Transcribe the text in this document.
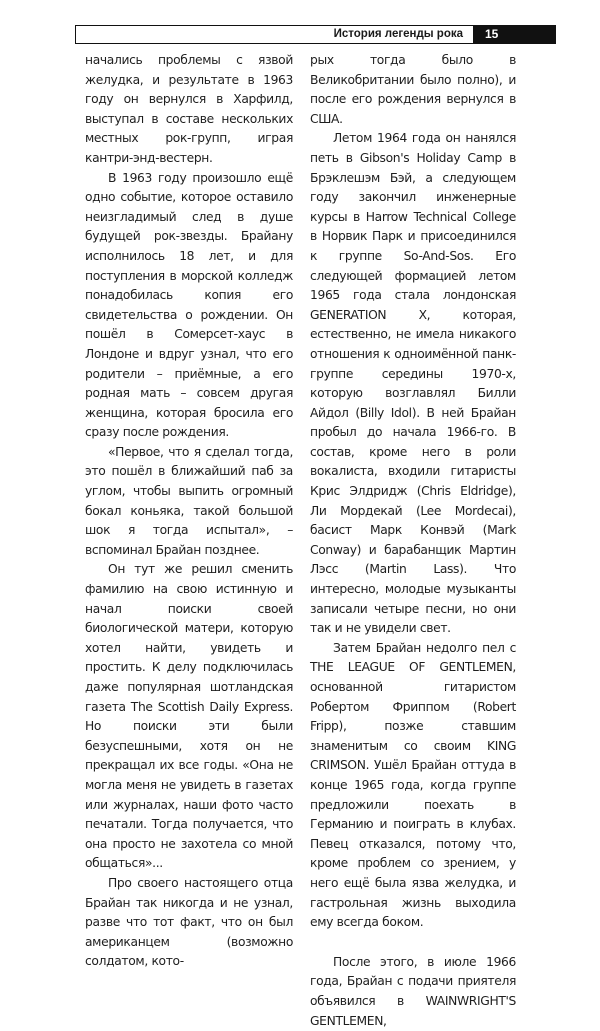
История легенды рока	15

начались проблемы с язвой желудка, и результате в 1963 году он вернулся в Харфилд, выступал в составе нескольких местных рок-групп, играя кантри-энд-вестерн.

В 1963 году произошло ещё одно событие, которое оставило неизгладимый след в душе будущей рок-звезды. Брайану исполнилось 18 лет, и для поступления в морской колледж понадобилась копия его свидетельства о рождении. Он пошёл в Сомерсет-хаус в Лондоне и вдруг узнал, что его родители – приёмные, а его родная мать – совсем другая женщина, которая бросила его сразу после рождения.

«Первое, что я сделал тогда, это пошёл в ближайший паб за углом, чтобы выпить огромный бокал коньяка, такой большой шок я тогда испытал», – вспоминал Брайан позднее.

Он тут же решил сменить фамилию на свою истинную и начал поиски своей биологической матери, которую хотел найти, увидеть и простить. К делу подключилась даже популярная шотландская газета The Scottish Daily Express. Но поиски эти были безуспешными, хотя он не прекращал их все годы. «Она не могла меня не увидеть в газетах или журналах, наши фото часто печатали. Тогда получается, что она просто не захотела со мной общаться»...

Про своего настоящего отца Брайан так никогда и не узнал, разве что тот факт, что он был американцем (возможно солдатом, кото-

рых тогда было в Великобритании было полно), и после его рождения вернулся в США.

Летом 1964 года он нанялся петь в Gibson's Holiday Camp в Брэклешэм Бэй, а следующем году закончил инженерные курсы в Harrow Technical College в Норвик Парк и присоединился к группе So-And-Sos. Его следующей формацией летом 1965 года стала лондонская GENERATION X, которая, естественно, не имела никакого отношения к одноимённой панк-группе середины 1970-х, которую возглавлял Билли Айдол (Billy Idol). В ней Брайан пробыл до начала 1966-го. В состав, кроме него в роли вокалиста, входили гитаристы Крис Элдридж (Chris Eldridge), Ли Мордекай (Lee Mordecai), басист Марк Конвэй (Mark Conway) и барабанщик Мартин Лэсс (Martin Lass). Что интересно, молодые музыканты записали четыре песни, но они так и не увидели свет.

Затем Брайан недолго пел с THE LEAGUE OF GENTLEMEN, основанной гитаристом Робертом Фриппом (Robert Fripp), позже ставшим знаменитым со своим KING CRIMSON. Ушёл Брайан оттуда в конце 1965 года, когда группе предложили поехать в Германию и поиграть в клубах. Певец отказался, потому что, кроме проблем со зрением, у него ещё была язва желудка, и гастрольная жизнь выходила ему всегда боком.

После этого, в июле 1966 года, Брайан с подачи приятеля объявился в WAINWRIGHT'S GENTLEMEN,
